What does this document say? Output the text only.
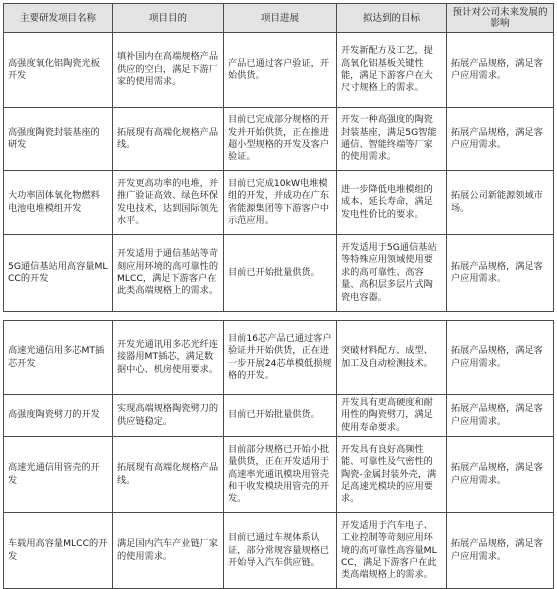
主要研发项目名称	项目目的	项目进展	拟达到的目标	预计对公司未来发展的影响
高强度氧化铝陶瓷光板开发	填补国内在高端规格产品供应的空白，满足下游厂家的使用需求。	产品已通过客户验证，开始供货。	开发新配方及工艺，提高氧化铝基板关键性能，满足下游客户在大尺寸规格上的需求。	拓展产品规格，满足客户应用需求。
高强度陶瓷封装基座的研发	拓展现有高端化规格产品线。	目前已完成部分规格的开发并开始供货，正在推进超小型规格的开发及客户验证。	开发一种高强度的陶瓷封装基座，满足5G智能通信、智能终端等厂家的使用需求。	拓展产品规格，满足客户应用需求。
大功率固体氧化物燃料电池电堆模组开发	开发更高功率的电堆，并推广验证高效、绿色环保发电技术，达到国际领先水平。	目前已完成10kW电堆模组的开发，并成功在广东省能源集团等下游客户中示范应用。	进一步降低电堆模组的成本、延长寿命，满足发电性价比的要求。	拓展公司新能源领域市场。
5G通信基站用高容量MLCC的开发	开发适用于通信基站等苛刻应用环境的高可靠性的MLCC，满足下游客户在此类高端规格上的需求。	目前已开始批量供货。	开发适用于5G通信基站等特殊应用领域使用要求的高可靠性、高容量、高积层多层片式陶瓷电容器。	拓展产品规格，满足客户应用需求。
高速光通信用多芯MT插芯开发	开发光通讯用多芯光纤连接器用MT插芯，满足数据中心、机房使用要求。	目前16芯产品已通过客户验证并开始供货，正在进一步开展24芯单模低损规格的开发。	突破材料配方、成型、加工及自动检测技术。	拓展产品规格，满足客户应用需求。
高强度陶瓷劈刀的开发	实现高端规格陶瓷劈刀的供应链稳定。	目前已开始批量供货。	开发具有更高硬度和耐用性的陶瓷劈刀，满足使用寿命要求。	拓展产品规格，满足客户应用需求。
高速光通信用管壳的开发	拓展现有高端化规格产品线。	目前部分规格已开始小批量供货，正在开发适用于高速率光通讯模块用管壳和干收发模块用管壳的开发。	开发具有良好高频性能、可靠性及气密性的陶瓷-金属封装外壳，满足高速光模块的应用要求。	拓展产品规格，满足客户应用需求。
车载用高容量MLCC的开发	满足国内汽车产业链厂家的使用需求。	目前已通过车规体系认证，部分常规容量规格已开始导入汽车供应链。	开发适用于汽车电子、工业控制等苛刻应用环境的高可靠性高容量MLCC，满足下游客户在此类高端规格上的需求。	拓展产品规格，满足客户应用需求。
